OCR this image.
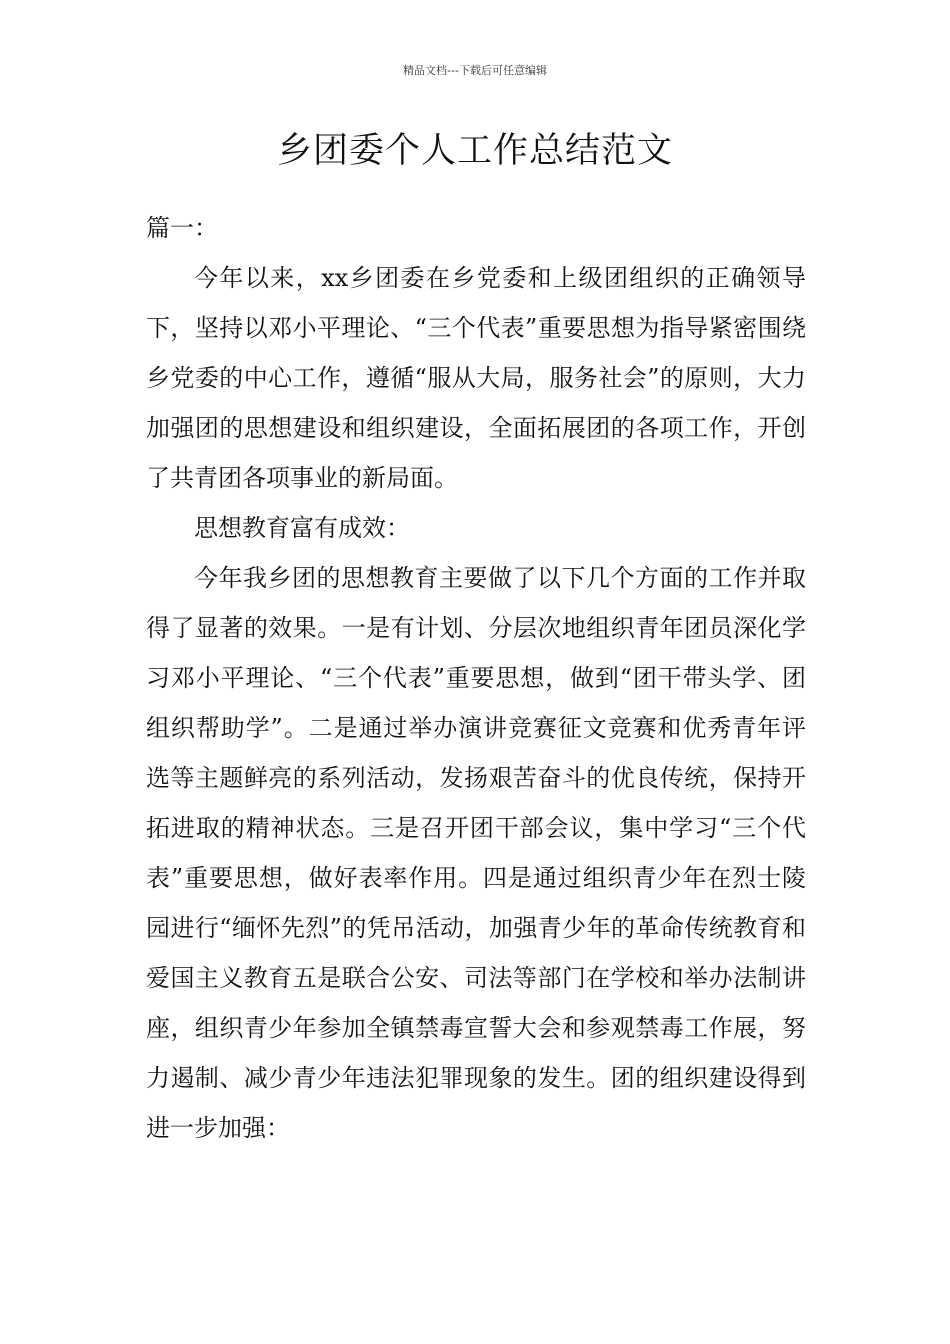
精品文档---下载后可任意编辑
乡团委个人工作总结范文

篇一：

今年以来，xx乡团委在乡党委和上级团组织的正确领导下，坚持以邓小平理论、“三个代表”重要思想为指导紧密围绕乡党委的中心工作，遵循“服从大局，服务社会”的原则，大力加强团的思想建设和组织建设，全面拓展团的各项工作，开创了共青团各项事业的新局面。

思想教育富有成效：

今年我乡团的思想教育主要做了以下几个方面的工作并取得了显著的效果。一是有计划、分层次地组织青年团员深化学习邓小平理论、“三个代表”重要思想，做到“团干带头学、团组织帮助学”。二是通过举办演讲竞赛征文竞赛和优秀青年评选等主题鲜亮的系列活动，发扬艰苦奋斗的优良传统，保持开拓进取的精神状态。三是召开团干部会议，集中学习“三个代表”重要思想，做好表率作用。四是通过组织青少年在烈士陵园进行“缅怀先烈”的凭吊活动，加强青少年的革命传统教育和爱国主义教育五是联合公安、司法等部门在学校和举办法制讲座，组织青少年参加全镇禁毒宣誓大会和参观禁毒工作展，努力遏制、减少青少年违法犯罪现象的发生。团的组织建设得到进一步加强：
